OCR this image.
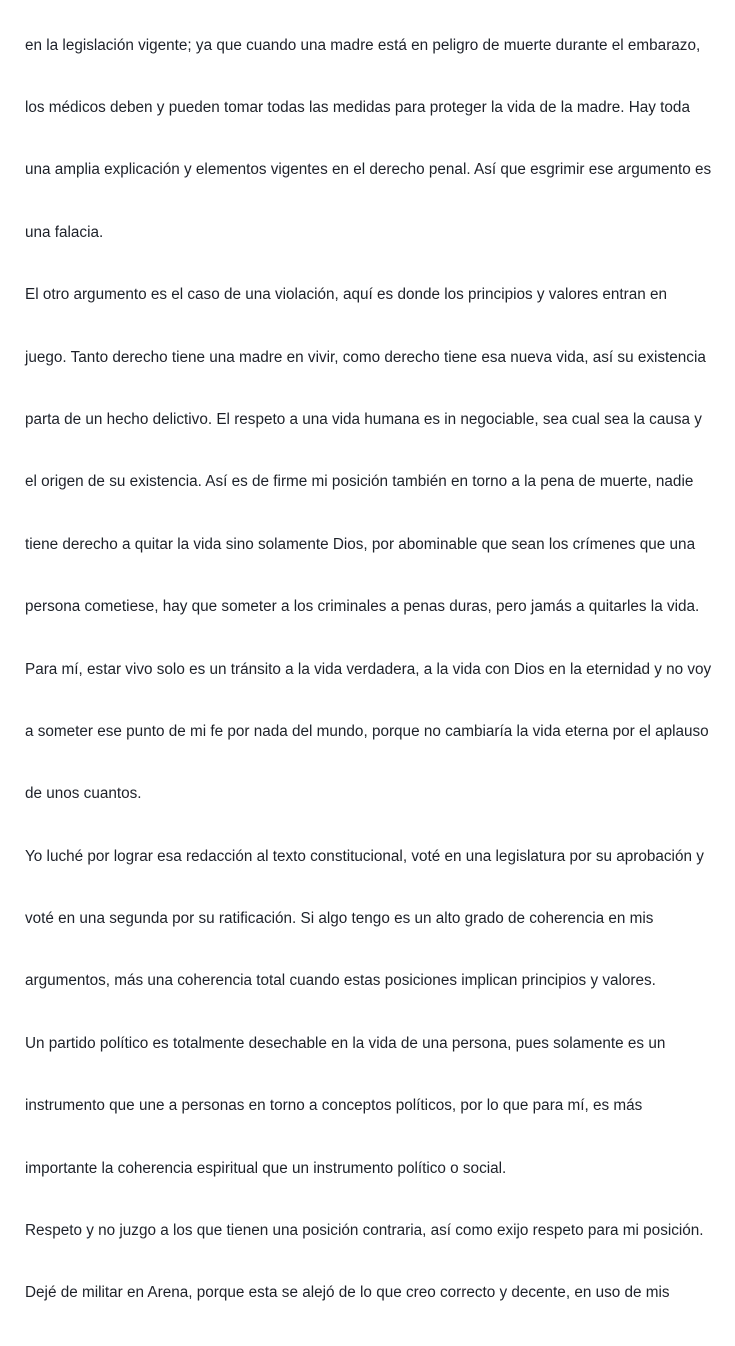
en la legislación vigente; ya que cuando una madre está en peligro de muerte durante el embarazo,

los médicos deben y pueden tomar todas las medidas para proteger la vida de la madre. Hay toda

una amplia explicación y elementos vigentes en el derecho penal. Así que esgrimir ese argumento es

una falacia.

El otro argumento es el caso de una violación, aquí es donde los principios y valores entran en

juego. Tanto derecho tiene una madre en vivir, como derecho tiene esa nueva vida, así su existencia

parta de un hecho delictivo. El respeto a una vida humana es in negociable, sea cual sea la causa y

el origen de su existencia. Así es de firme mi posición también en torno a la pena de muerte, nadie

tiene derecho a quitar la vida sino solamente Dios, por abominable que sean los crímenes que una

persona cometiese, hay que someter a los criminales a penas duras, pero jamás a quitarles la vida.

Para mí, estar vivo solo es un tránsito a la vida verdadera, a la vida con Dios en la eternidad y no voy

a someter ese punto de mi fe por nada del mundo, porque no cambiaría la vida eterna por el aplauso

de unos cuantos.

Yo luché por lograr esa redacción al texto constitucional, voté en una legislatura por su aprobación y

voté en una segunda por su ratificación. Si algo tengo es un alto grado de coherencia en mis

argumentos, más una coherencia total cuando estas posiciones implican principios y valores.

Un partido político es totalmente desechable en la vida de una persona, pues solamente es un

instrumento que une a personas en torno a conceptos políticos, por lo que para mí, es más

importante la coherencia espiritual que un instrumento político o social.

Respeto y no juzgo a los que tienen una posición contraria, así como exijo respeto para mi posición.

Dejé de militar en Arena, porque esta se alejó de lo que creo correcto y decente, en uso de mis
